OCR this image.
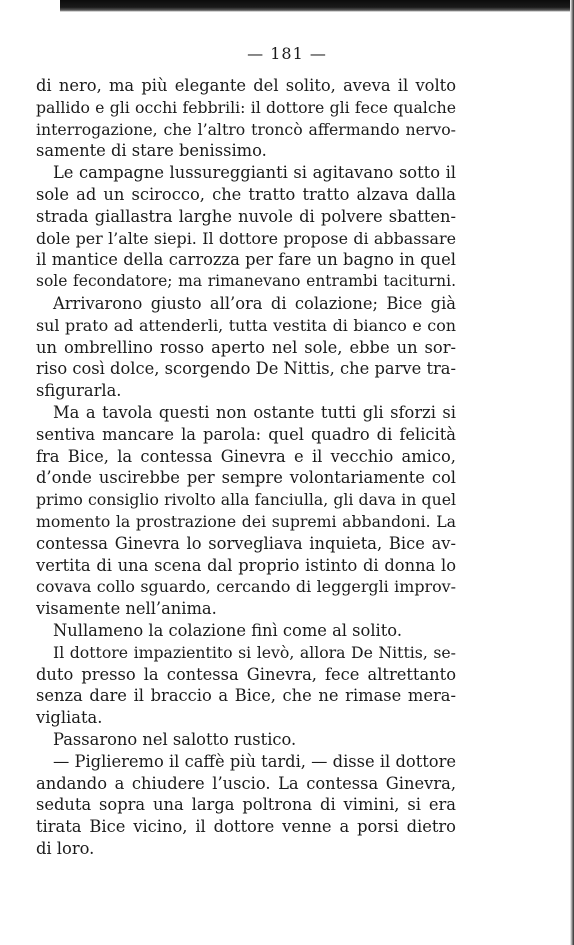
— 181 —
di nero, ma più elegante del solito, aveva il volto
pallido e gli occhi febbrili: il dottore gli fece qualche
interrogazione, che l’altro troncò affermando nervo-
samente di stare benissimo.
Le campagne lussureggianti si agitavano sotto il
sole ad un scirocco, che tratto tratto alzava dalla
strada giallastra larghe nuvole di polvere sbatten-
dole per l’alte siepi. Il dottore propose di abbassare
il mantice della carrozza per fare un bagno in quel
sole fecondatore; ma rimanevano entrambi taciturni.
Arrivarono giusto all’ora di colazione; Bice già
sul prato ad attenderli, tutta vestita di bianco e con
un ombrellino rosso aperto nel sole, ebbe un sor-
riso così dolce, scorgendo De Nittis, che parve tra-
sfigurarla.
Ma a tavola questi non ostante tutti gli sforzi si
sentiva mancare la parola: quel quadro di felicità
fra Bice, la contessa Ginevra e il vecchio amico,
d’onde uscirebbe per sempre volontariamente col
primo consiglio rivolto alla fanciulla, gli dava in quel
momento la prostrazione dei supremi abbandoni. La
contessa Ginevra lo sorvegliava inquieta, Bice av-
vertita di una scena dal proprio istinto di donna lo
covava collo sguardo, cercando di leggergli improv-
visamente nell’anima.
Nullameno la colazione finì come al solito.
Il dottore impazientito si levò, allora De Nittis, se-
duto presso la contessa Ginevra, fece altrettanto
senza dare il braccio a Bice, che ne rimase mera-
vigliata.
Passarono nel salotto rustico.
— Piglieremo il caffè più tardi, — disse il dottore
andando a chiudere l’uscio. La contessa Ginevra,
seduta sopra una larga poltrona di vimini, si era
tirata Bice vicino, il dottore venne a porsi dietro
di loro.
